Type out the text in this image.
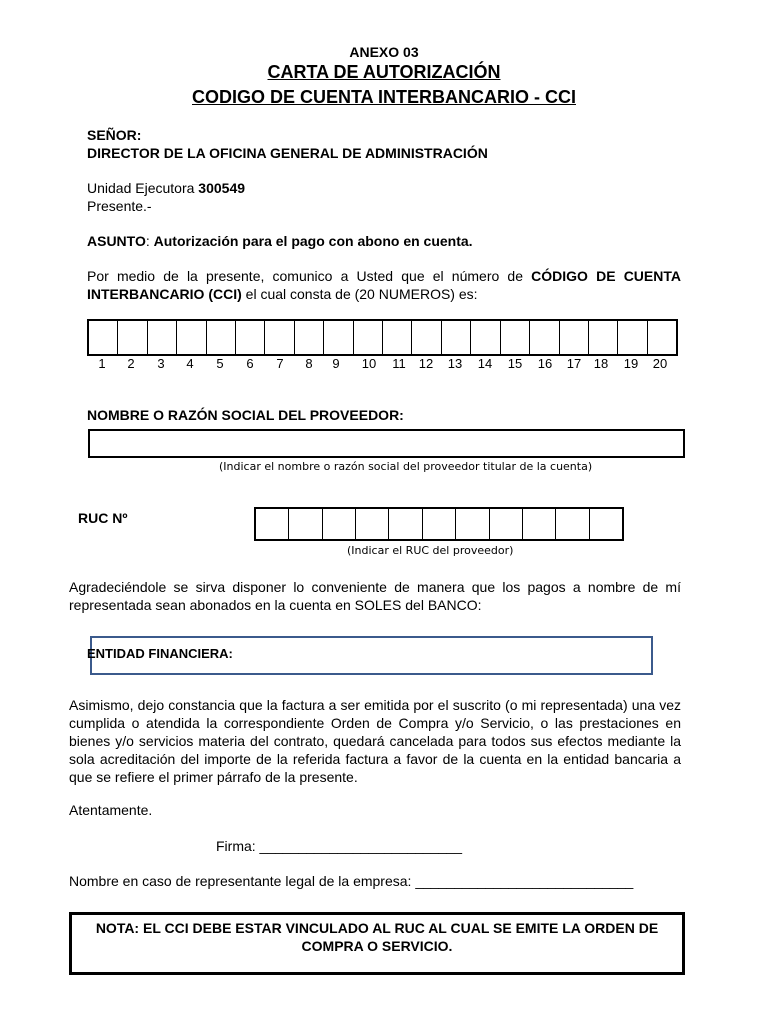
ANEXO 03
CARTA DE AUTORIZACIÓN
CODIGO DE CUENTA INTERBANCARIO - CCI
SEÑOR:
DIRECTOR DE LA OFICINA GENERAL DE ADMINISTRACIÓN
Unidad Ejecutora 300549
Presente.-
ASUNTO: Autorización para el pago con abono en cuenta.
Por medio de la presente, comunico a Usted que el número de CÓDIGO DE CUENTA INTERBANCARIO (CCI) el cual consta de (20 NUMEROS) es:
1	2	3	4	5	6	7	8	9	10	11	12	13	14	15	16	17 18	19	20
NOMBRE O RAZÓN SOCIAL DEL PROVEEDOR:
(Indicar el nombre o razón social del proveedor titular de la cuenta)
RUC Nº
(Indicar el RUC del proveedor)
Agradeciéndole se sirva disponer lo conveniente de manera que los pagos a nombre de mí representada sean abonados en la cuenta en SOLES del BANCO:
ENTIDAD FINANCIERA:
Asimismo, dejo constancia que la factura a ser emitida por el suscrito (o mi representada) una vez cumplida o atendida la correspondiente Orden de Compra y/o Servicio, o las prestaciones en bienes y/o servicios materia del contrato, quedará cancelada para todos sus efectos mediante la sola acreditación del importe de la referida factura a favor de la cuenta en la entidad bancaria a que se refiere el primer párrafo de la presente.
Atentamente.
Firma: __________________________
Nombre en caso de representante legal de la empresa: ____________________________
NOTA: EL CCI DEBE ESTAR VINCULADO AL RUC AL CUAL SE EMITE LA ORDEN DE COMPRA O SERVICIO.
